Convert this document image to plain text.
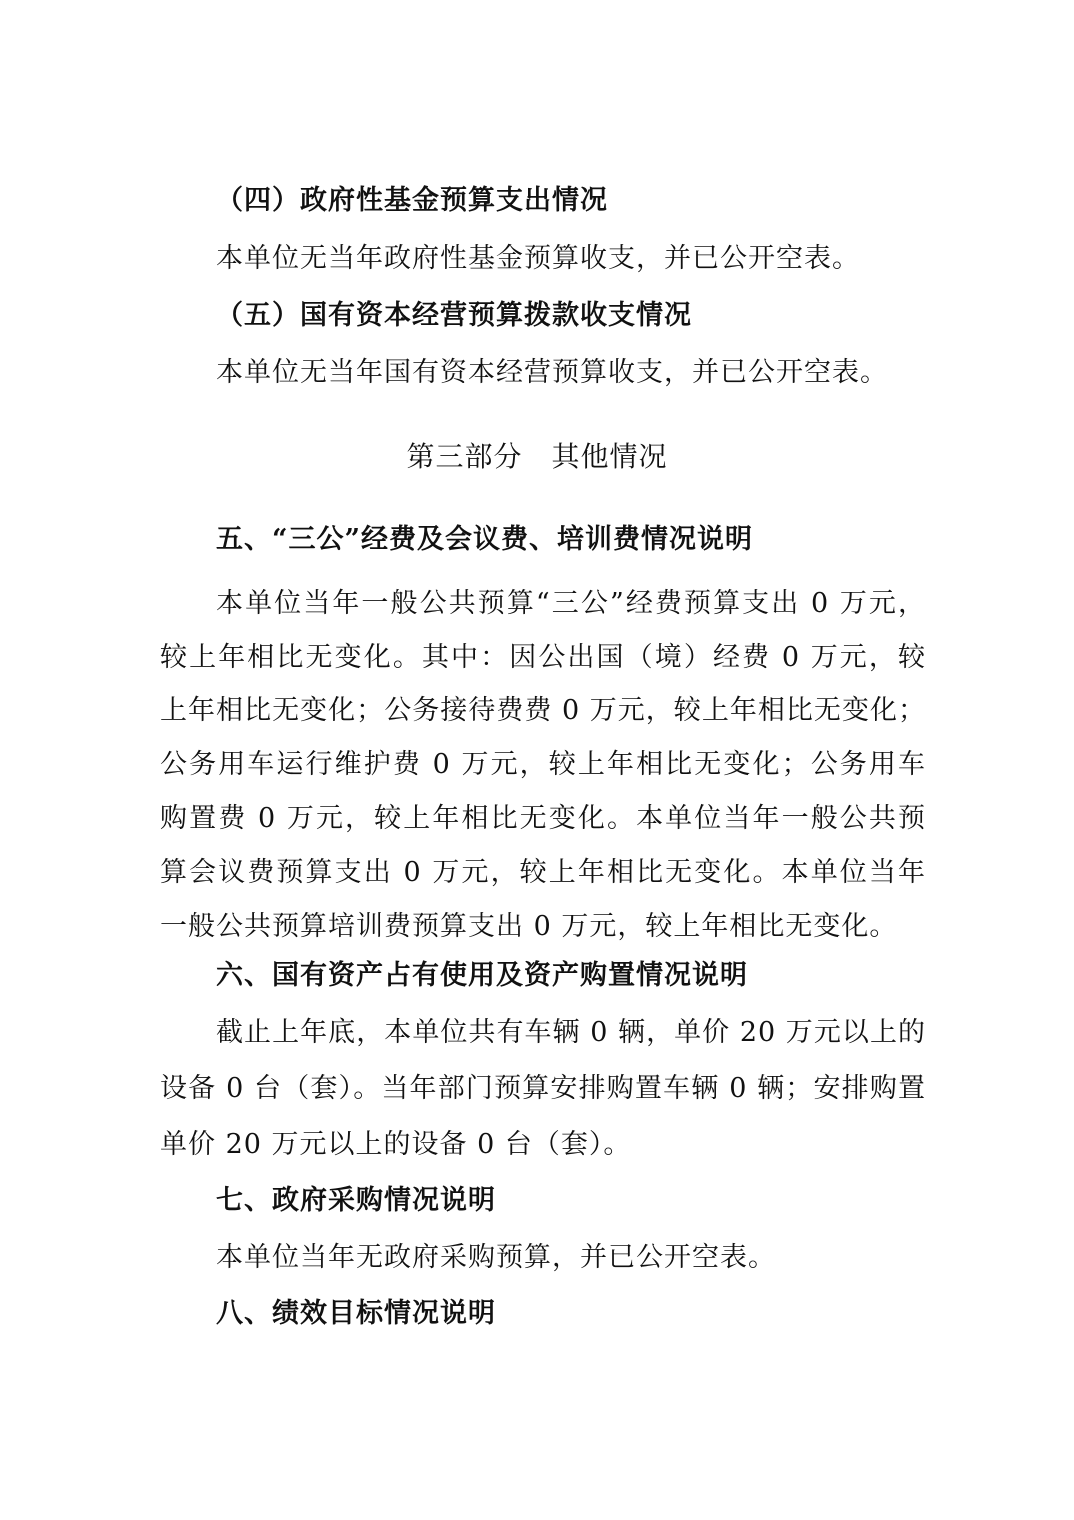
（四）政府性基金预算支出情况
本单位无当年政府性基金预算收支，并已公开空表。
（五）国有资本经营预算拨款收支情况
本单位无当年国有资本经营预算收支，并已公开空表。
第三部分　其他情况
五、“三公”经费及会议费、培训费情况说明
本单位当年一般公共预算“三公”经费预算支出 0 万元，
较上年相比无变化。其中：因公出国（境）经费 0 万元，较
上年相比无变化；公务接待费费 0 万元，较上年相比无变化；
公务用车运行维护费 0 万元，较上年相比无变化；公务用车
购置费 0 万元，较上年相比无变化。本单位当年一般公共预
算会议费预算支出 0 万元，较上年相比无变化。本单位当年
一般公共预算培训费预算支出 0 万元，较上年相比无变化。
六、国有资产占有使用及资产购置情况说明
截止上年底，本单位共有车辆 0 辆，单价 20 万元以上的
设备 0 台（套）。当年部门预算安排购置车辆 0 辆；安排购置
单价 20 万元以上的设备 0 台（套）。
七、政府采购情况说明
本单位当年无政府采购预算，并已公开空表。
八、绩效目标情况说明
